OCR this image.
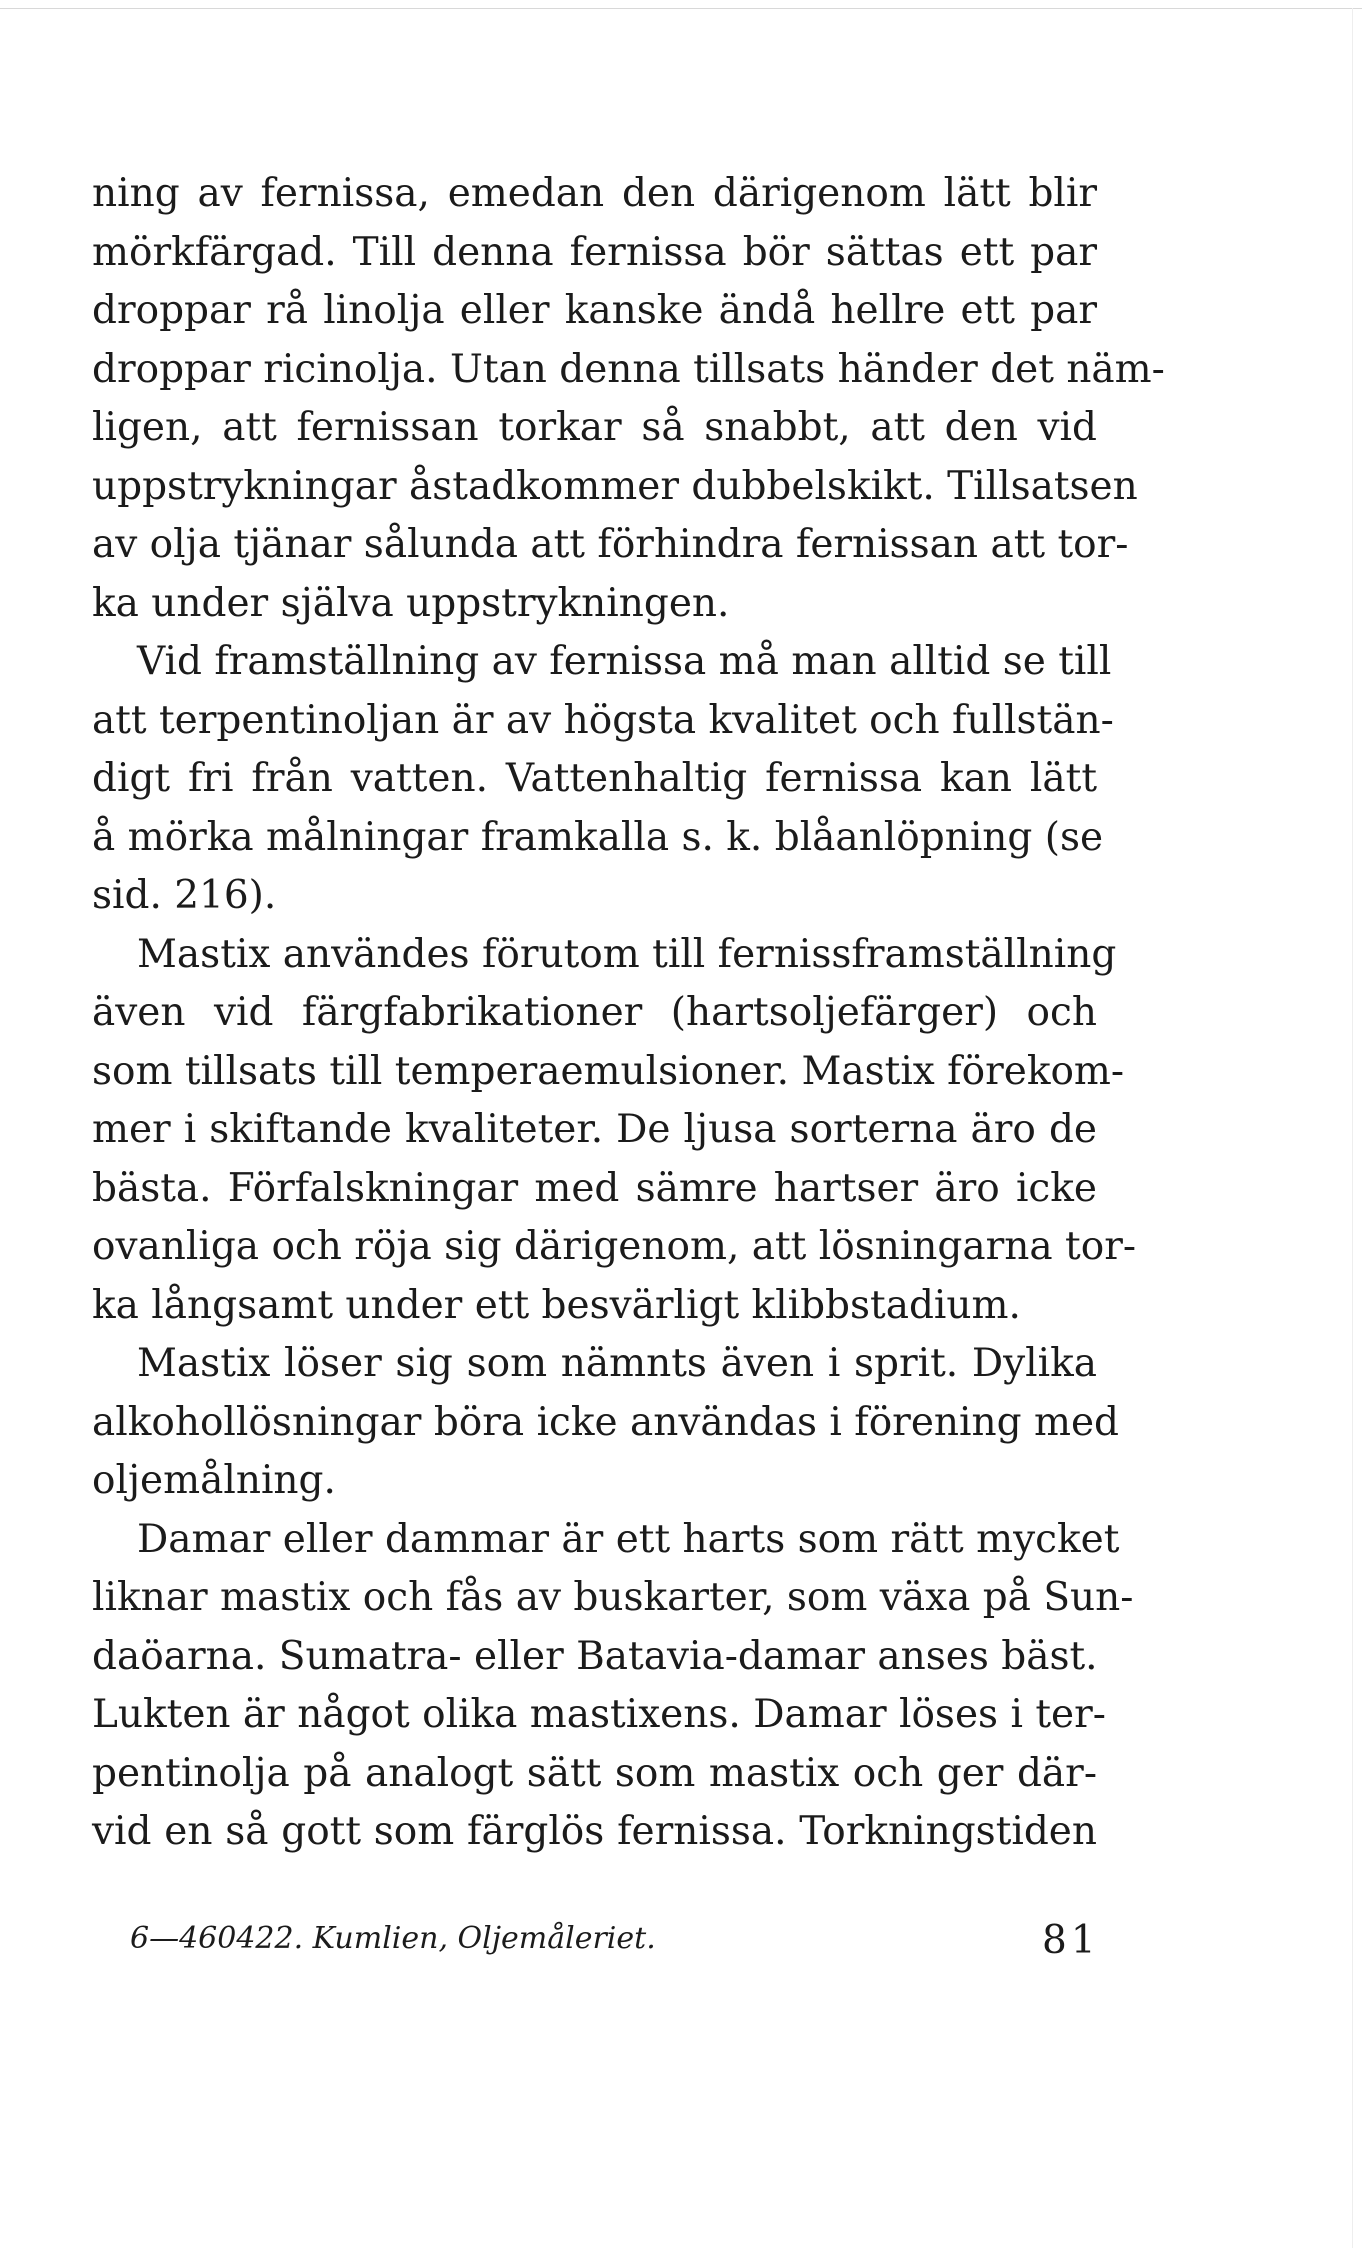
ning av fernissa, emedan den därigenom lätt blir
mörkfärgad. Till denna fernissa bör sättas ett par
droppar rå linolja eller kanske ändå hellre ett par
droppar ricinolja. Utan denna tillsats händer det näm-
ligen, att fernissan torkar så snabbt, att den vid
uppstrykningar åstadkommer dubbelskikt. Tillsatsen
av olja tjänar sålunda att förhindra fernissan att tor-
ka under själva uppstrykningen.
Vid framställning av fernissa må man alltid se till
att terpentinoljan är av högsta kvalitet och fullstän-
digt fri från vatten. Vattenhaltig fernissa kan lätt
å mörka målningar framkalla s. k. blåanlöpning (se
sid. 216).
Mastix användes förutom till fernissframställning
även vid färgfabrikationer (hartsoljefärger) och
som tillsats till temperaemulsioner. Mastix förekom-
mer i skiftande kvaliteter. De ljusa sorterna äro de
bästa. Förfalskningar med sämre hartser äro icke
ovanliga och röja sig därigenom, att lösningarna tor-
ka långsamt under ett besvärligt klibbstadium.
Mastix löser sig som nämnts även i sprit. Dylika
alkohollösningar böra icke användas i förening med
oljemålning.
Damar eller dammar är ett harts som rätt mycket
liknar mastix och fås av buskarter, som växa på Sun-
daöarna. Sumatra- eller Batavia-damar anses bäst.
Lukten är något olika mastixens. Damar löses i ter-
pentinolja på analogt sätt som mastix och ger där-
vid en så gott som färglös fernissa. Torkningstiden
6—460422. Kumlien, Oljemåleriet.	81
